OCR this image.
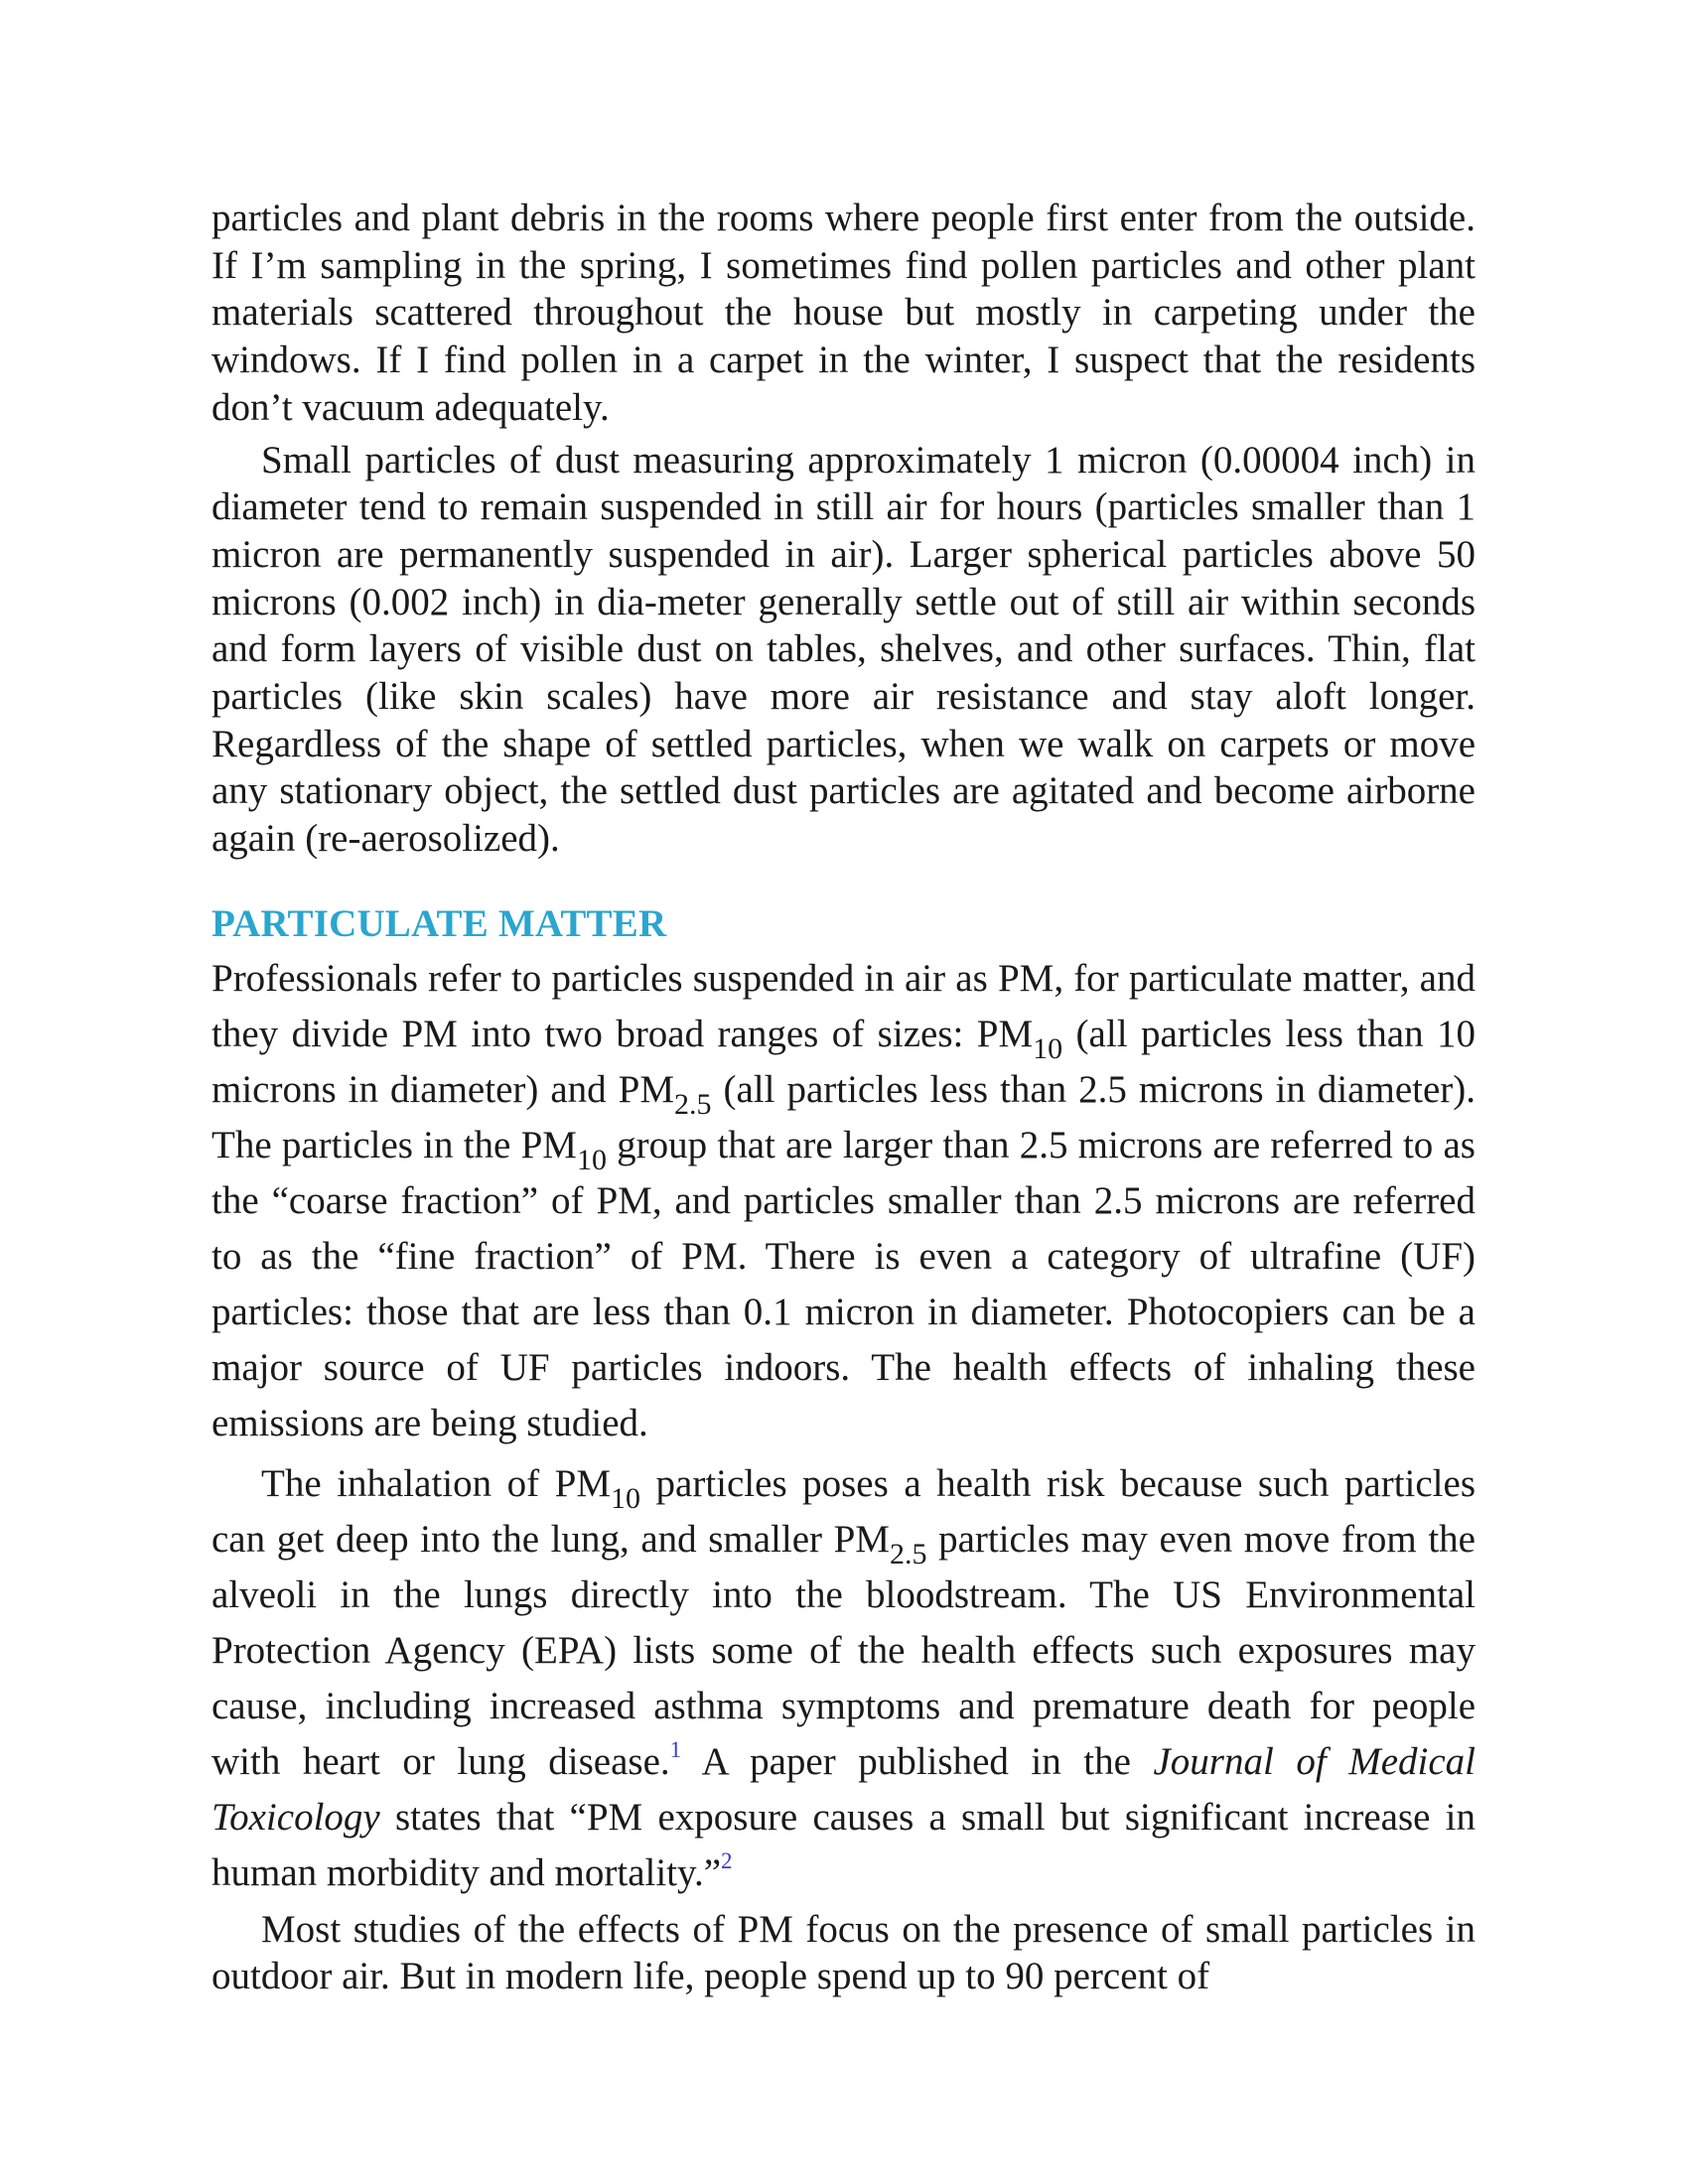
particles and plant debris in the rooms where people first enter from the outside. If I’m sampling in the spring, I sometimes find pollen particles and other plant materials scattered throughout the house but mostly in carpeting under the windows. If I find pollen in a carpet in the winter, I suspect that the residents don’t vacuum adequately.

Small particles of dust measuring approximately 1 micron (0.00004 inch) in diameter tend to remain suspended in still air for hours (particles smaller than 1 micron are permanently suspended in air). Larger spherical particles above 50 microns (0.002 inch) in dia-meter generally settle out of still air within seconds and form layers of visible dust on tables, shelves, and other surfaces. Thin, flat particles (like skin scales) have more air resistance and stay aloft longer. Regardless of the shape of settled particles, when we walk on carpets or move any stationary object, the settled dust particles are agitated and become airborne again (re-aerosolized).

PARTICULATE MATTER

Professionals refer to particles suspended in air as PM, for particulate matter, and they divide PM into two broad ranges of sizes: $PM_{10}$ (all particles less than 10 microns in diameter) and $PM_{2.5}$ (all particles less than 2.5 microns in diameter). The particles in the $PM_{10}$ group that are larger than 2.5 microns are referred to as the “coarse fraction” of PM, and particles smaller than 2.5 microns are referred to as the “fine fraction” of PM. There is even a category of ultrafine (UF) particles: those that are less than 0.1 micron in diameter. Photocopiers can be a major source of UF particles indoors. The health effects of inhaling these emissions are being studied.

The inhalation of $PM_{10}$ particles poses a health risk because such particles can get deep into the lung, and smaller $PM_{2.5}$ particles may even move from the alveoli in the lungs directly into the bloodstream. The US Environmental Protection Agency (EPA) lists some of the health effects such exposures may cause, including increased asthma symptoms and premature death for people with heart or lung disease.$^1$ A paper published in the Journal of Medical Toxicology states that “PM exposure causes a small but significant increase in human morbidity and mortality.”$^2$

Most studies of the effects of PM focus on the presence of small particles in outdoor air. But in modern life, people spend up to 90 percent of
